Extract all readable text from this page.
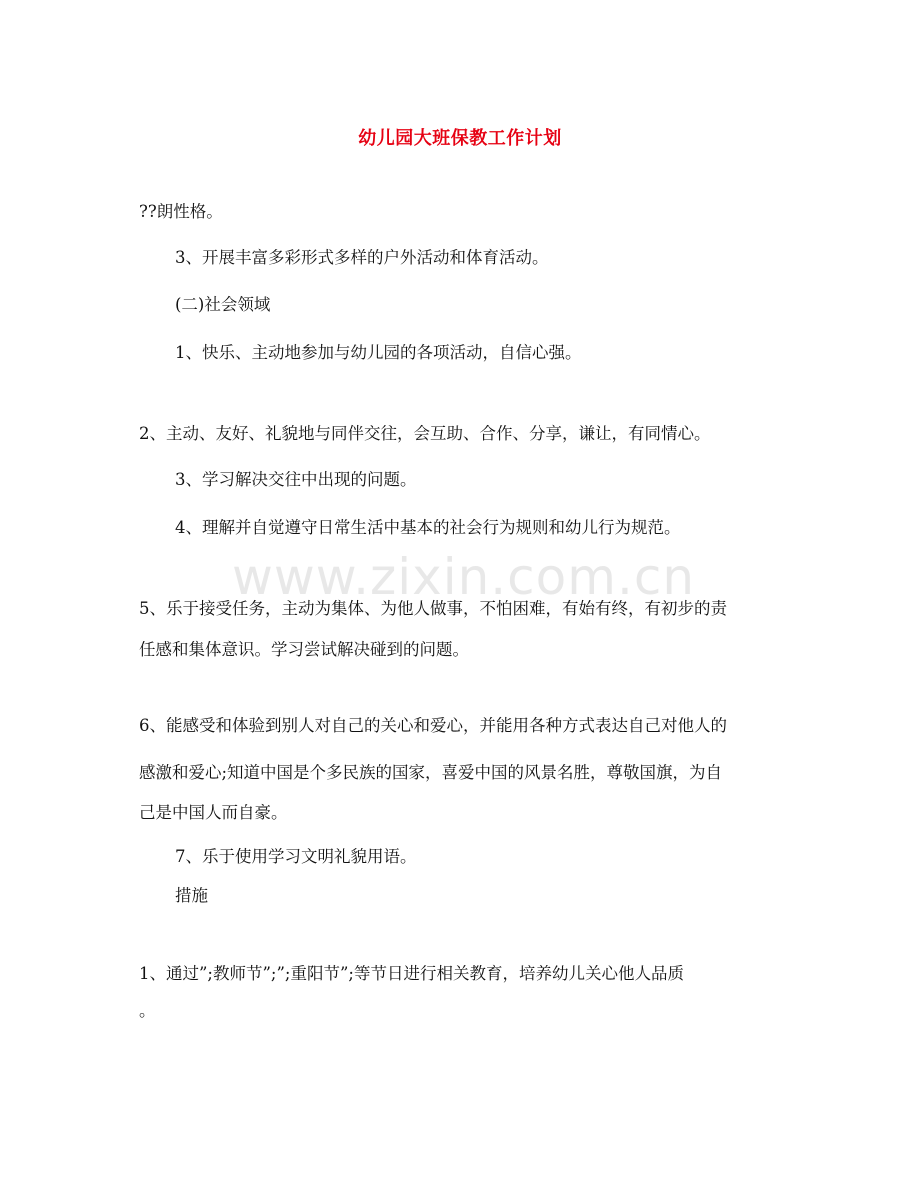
www.zixin.com.cn
幼儿园大班保教工作计划
??朗性格。
3、开展丰富多彩形式多样的户外活动和体育活动。
(二)社会领域
1、快乐、主动地参加与幼儿园的各项活动，自信心强。
2、主动、友好、礼貌地与同伴交往，会互助、合作、分享，谦让，有同情心。
3、学习解决交往中出现的问题。
4、理解并自觉遵守日常生活中基本的社会行为规则和幼儿行为规范。
5、乐于接受任务，主动为集体、为他人做事，不怕困难，有始有终，有初步的责
任感和集体意识。学习尝试解决碰到的问题。
6、能感受和体验到别人对自己的关心和爱心，并能用各种方式表达自己对他人的
感激和爱心;知道中国是个多民族的国家，喜爱中国的风景名胜，尊敬国旗，为自
己是中国人而自豪。
7、乐于使用学习文明礼貌用语。
措施
1、通过”;教师节”;”;重阳节”;等节日进行相关教育，培养幼儿关心他人品质
。
